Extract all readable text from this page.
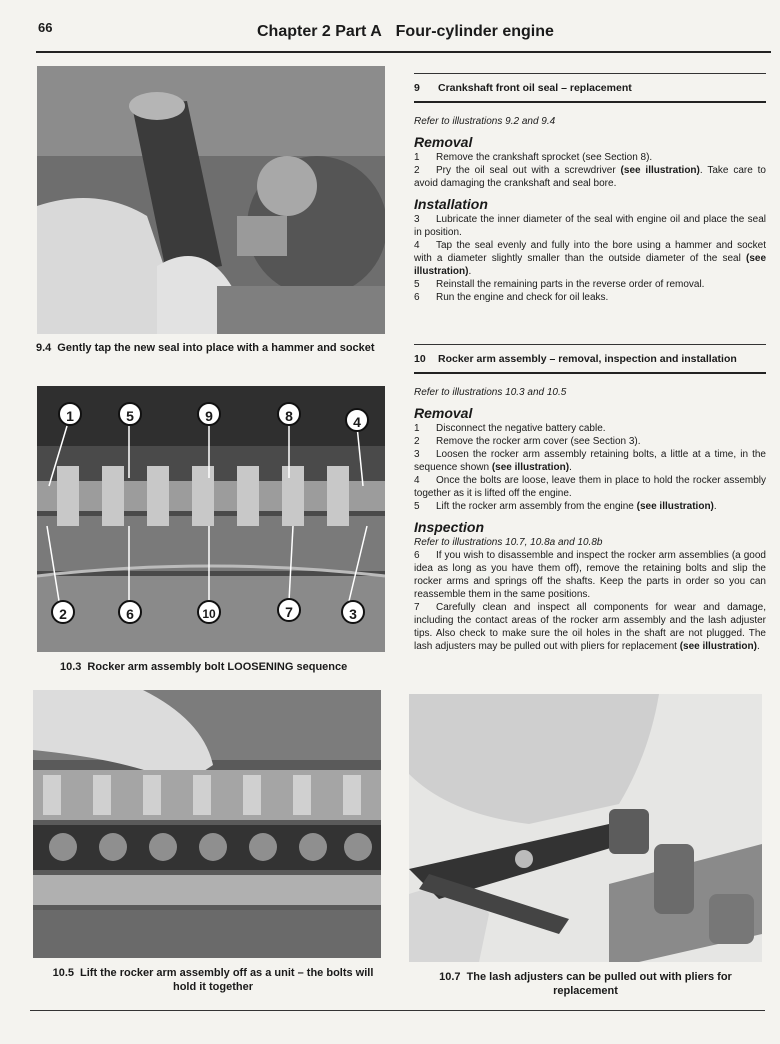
66	Chapter 2 Part A Four-cylinder engine
9.4 Gently tap the new seal into place with a hammer and socket
1	5	9	8	4
2	6	10	7	3
10.3 Rocker arm assembly bolt LOOSENING sequence
10.5 Lift the rocker arm assembly off as a unit – the bolts will
hold it together
10.7 The lash adjusters can be pulled out with pliers for
replacement
9 Crankshaft front oil seal – replacement
Refer to illustrations 9.2 and 9.4
Removal

1 Remove the crankshaft sprocket (see Section 8).

2 Pry the oil seal out with a screwdriver (see illustration). Take care to avoid damaging the crankshaft and seal bore.

Installation

3 Lubricate the inner diameter of the seal with engine oil and place the seal in position.

4 Tap the seal evenly and fully into the bore using a hammer and socket with a diameter slightly smaller than the outside diameter of the seal (see illustration).

5 Reinstall the remaining parts in the reverse order of removal.

6 Run the engine and check for oil leaks.

10 Rocker arm assembly – removal, inspection and installation
Refer to illustrations 10.3 and 10.5
Removal

1 Disconnect the negative battery cable.

2 Remove the rocker arm cover (see Section 3).

3 Loosen the rocker arm assembly retaining bolts, a little at a time, in the sequence shown (see illustration).

4 Once the bolts are loose, leave them in place to hold the rocker assembly together as it is lifted off the engine.

5 Lift the rocker arm assembly from the engine (see illustration).

Inspection
Refer to illustrations 10.7, 10.8a and 10.8b

6 If you wish to disassemble and inspect the rocker arm assemblies (a good idea as long as you have them off), remove the retaining bolts and slip the rocker arms and springs off the shafts. Keep the parts in order so you can reassemble them in the same positions.

7 Carefully clean and inspect all components for wear and damage, including the contact areas of the rocker arm assembly and the lash adjuster tips. Also check to make sure the oil holes in the shaft are not plugged. The lash adjusters may be pulled out with pliers for replacement (see illustration).
